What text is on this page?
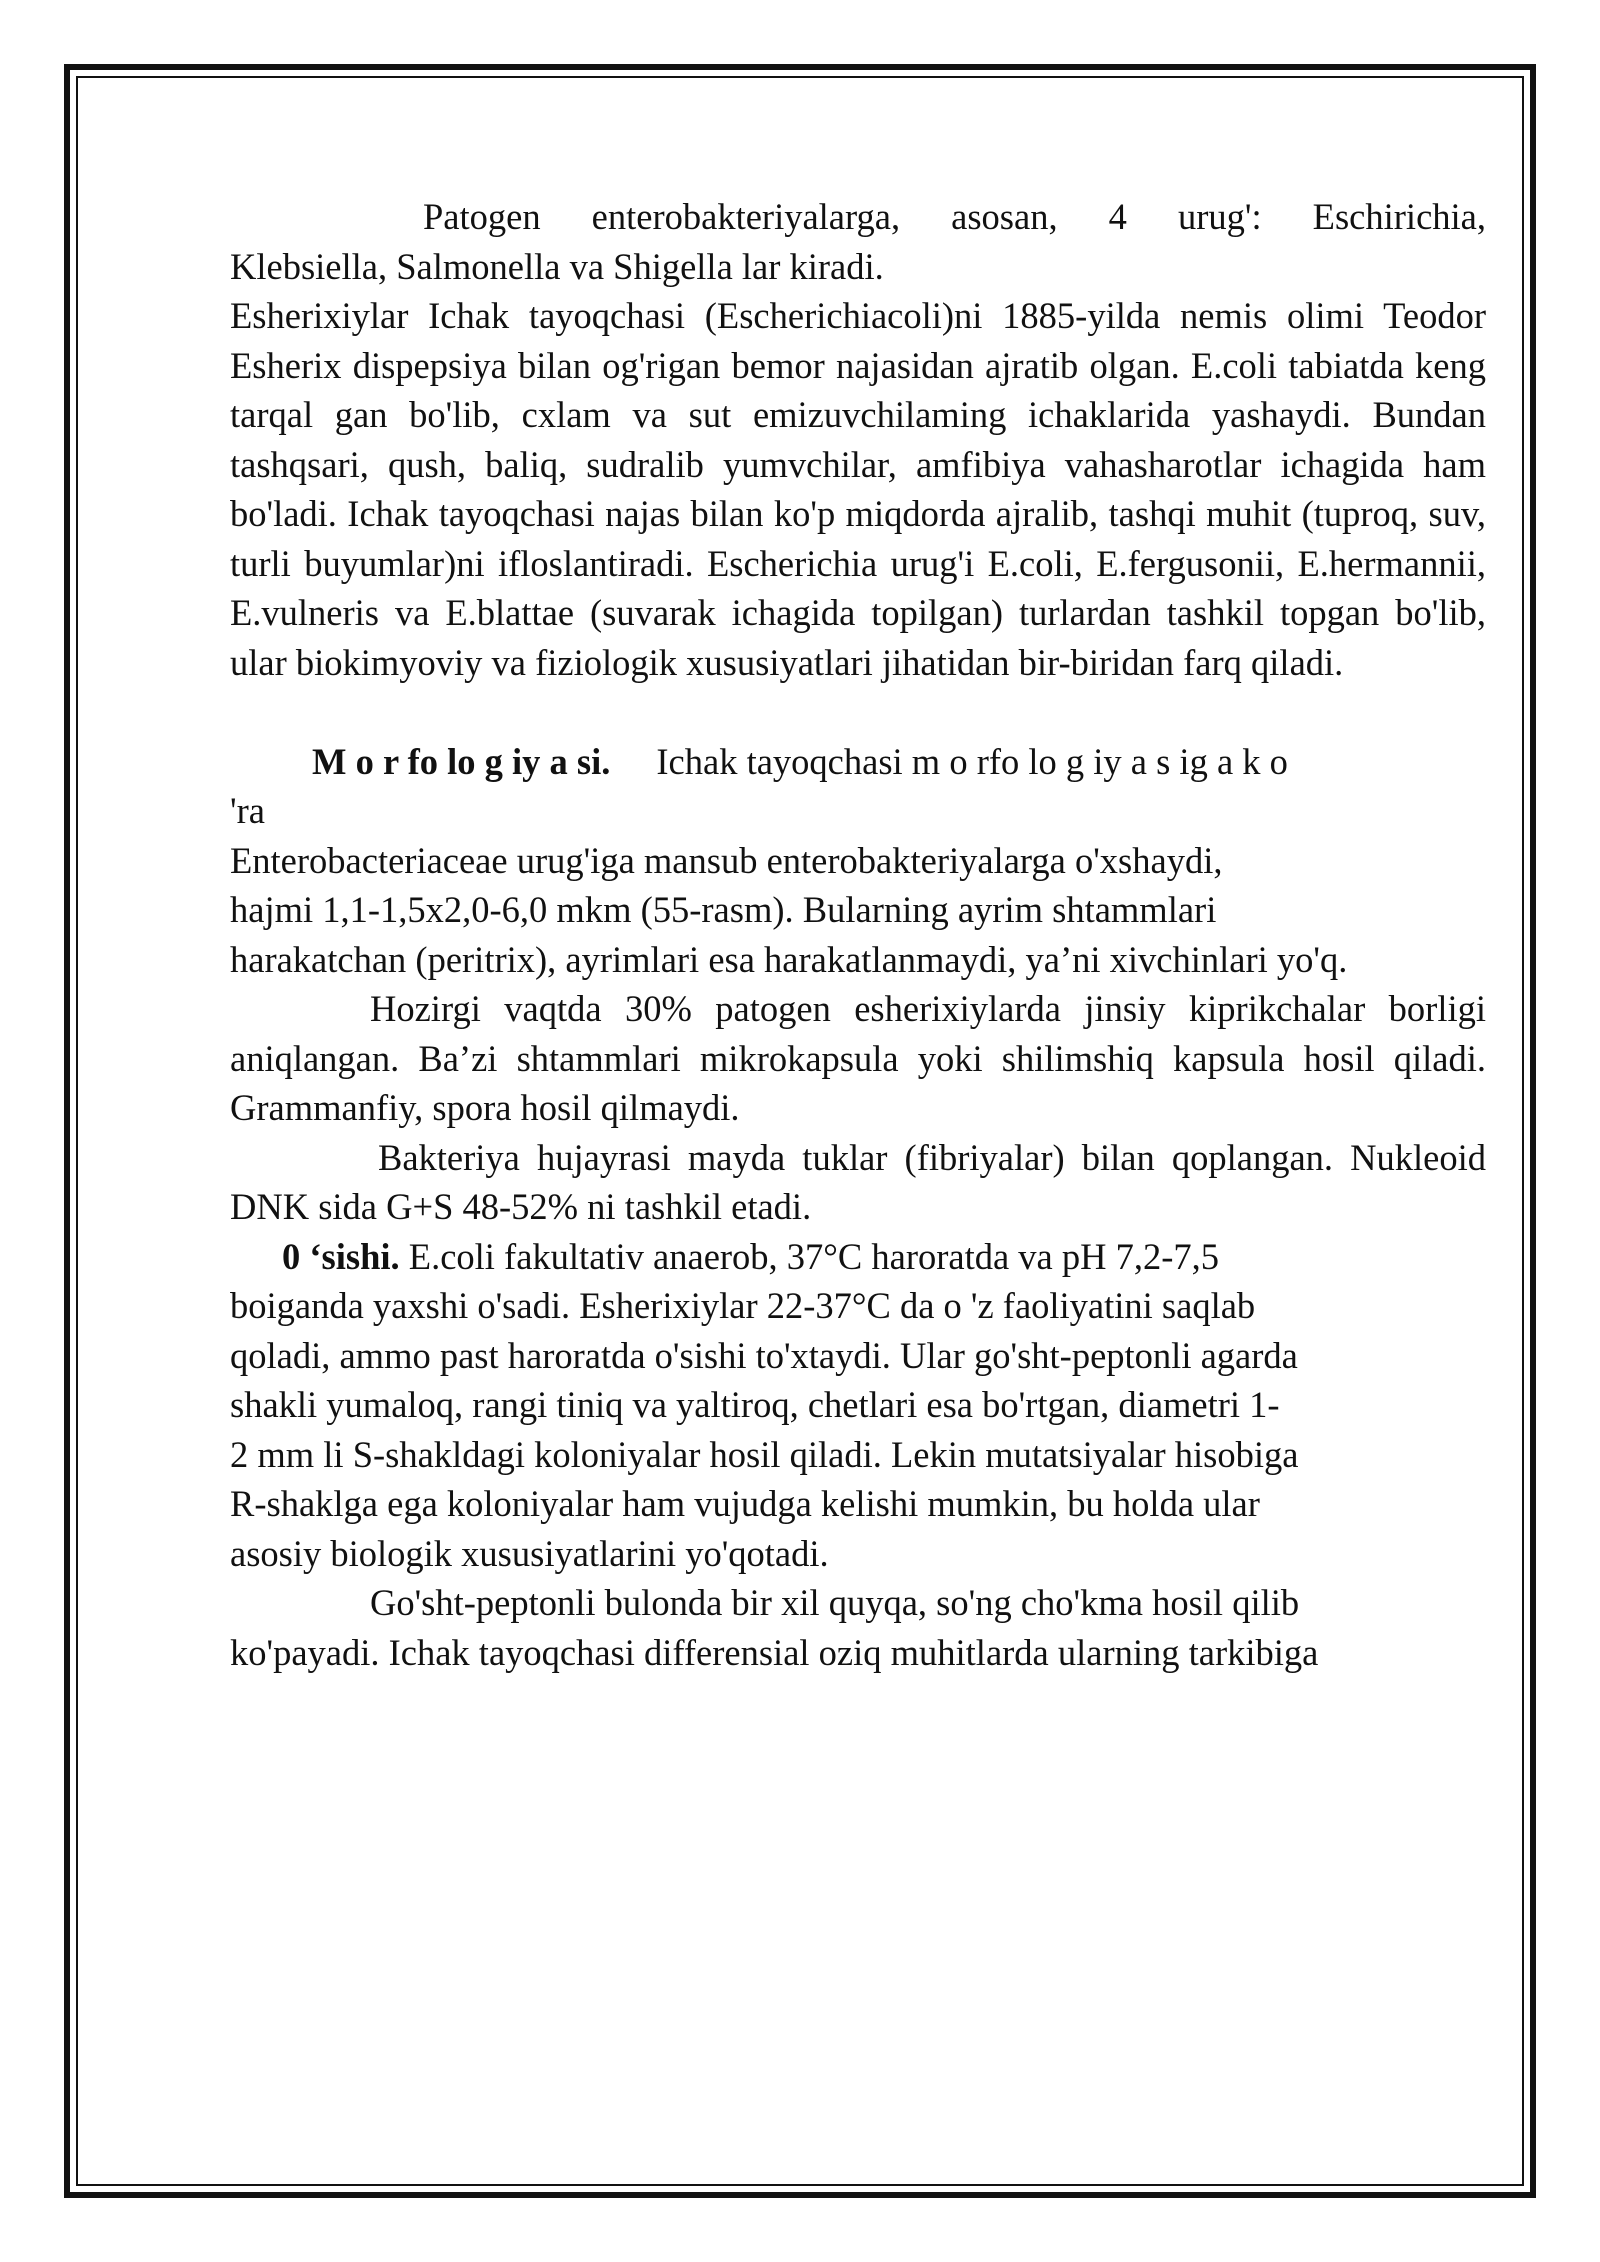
Patogen enterobakteriyalarga, asosan, 4 urug': Eschirichia,

Klebsiella, Salmonella va Shigella lar kiradi.

Esherixiylar Ichak tayoqchasi (Escherichiacoli)ni 1885-yilda nemis olimi Teodor Esherix dispepsiya bilan og'rigan bemor najasidan ajratib olgan. E.coli tabiatda keng tarqal gan bo'lib, cxlam va sut emizuvchilaming ichaklarida yashaydi. Bundan tashqsari, qush, baliq, sudralib yumvchilar, amfibiya vahasharotlar ichagida ham bo'ladi. Ichak tayoqchasi najas bilan ko'p miqdorda ajralib, tashqi muhit (tuproq, suv, turli buyumlar)ni ifloslantiradi. Escherichia urug'i E.coli, E.fergusonii, E.hermannii, E.vulneris va E.blattae (suvarak ichagida topilgan) turlardan tashkil topgan bo'lib, ular biokimyoviy va fiziologik xususiyatlari jihatidan bir-biridan farq qiladi.

M o r fo lo g iy a si. Ichak tayoqchasi m o rfo lo g iy a s ig a k o

'ra

Enterobacteriaceae urug'iga mansub enterobakteriyalarga o'xshaydi,

hajmi 1,1-1,5x2,0-6,0 mkm (55-rasm). Bularning ayrim shtammlari

harakatchan (peritrix), ayrimlari esa harakatlanmaydi, ya’ni xivchinlari yo'q.

Hozirgi vaqtda 30% patogen esherixiylarda jinsiy kiprikchalar borligi aniqlangan. Ba’zi shtammlari mikrokapsula yoki shilimshiq kapsula hosil qiladi. Grammanfiy, spora hosil qilmaydi.

Bakteriya hujayrasi mayda tuklar (fibriyalar) bilan qoplangan. Nukleoid DNK sida G+S 48-52% ni tashkil etadi.

0 ‘sishi. E.coli fakultativ anaerob, 37°C haroratda va pH 7,2-7,5

boiganda yaxshi o'sadi. Esherixiylar 22-37°C da o 'z faoliyatini saqlab

qoladi, ammo past haroratda o'sishi to'xtaydi. Ular go'sht-peptonli agarda

shakli yumaloq, rangi tiniq va yaltiroq, chetlari esa bo'rtgan, diametri 1-

2 mm li S-shakldagi koloniyalar hosil qiladi. Lekin mutatsiyalar hisobiga

R-shaklga ega koloniyalar ham vujudga kelishi mumkin, bu holda ular

asosiy biologik xususiyatlarini yo'qotadi.

Go'sht-peptonli bulonda bir xil quyqa, so'ng cho'kma hosil qilib

ko'payadi. Ichak tayoqchasi differensial oziq muhitlarda ularning tarkibiga
